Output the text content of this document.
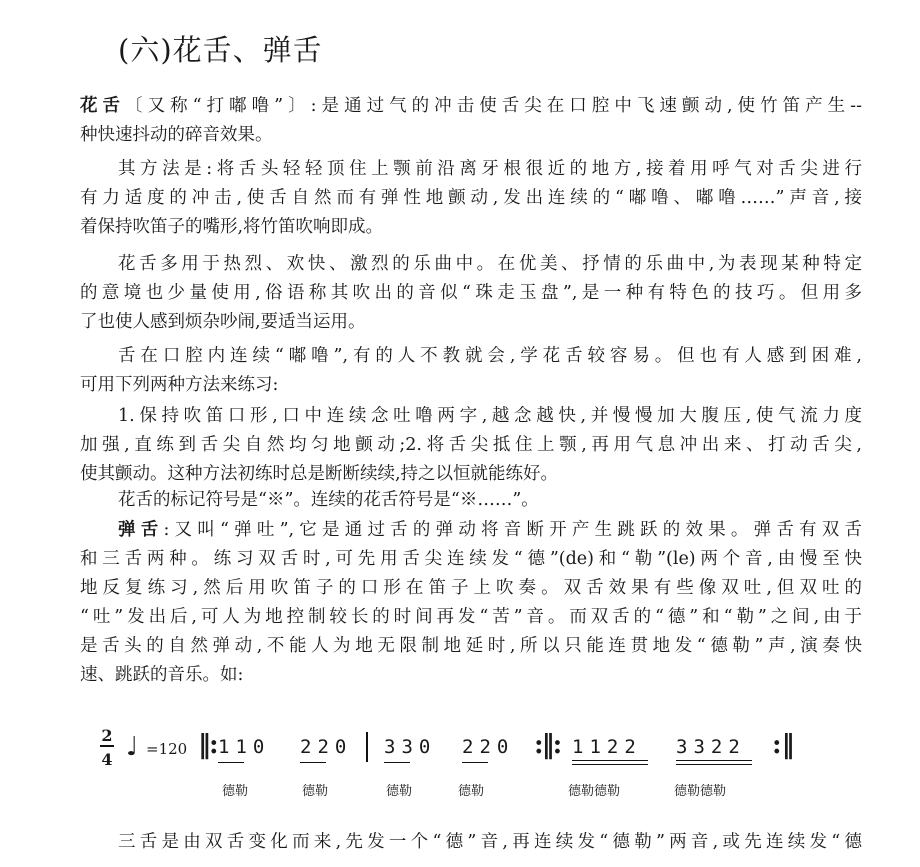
(六)花舌、弹舌
花舌〔又称“打嘟噜”〕:是通过气的冲击使舌尖在口腔中飞速颤动,使竹笛产生--
种快速抖动的碎音效果。
其方法是:将舌头轻轻顶住上颚前沿离牙根很近的地方,接着用呼气对舌尖进行
有力适度的冲击,使舌自然而有弹性地颤动,发出连续的“嘟噜、嘟噜……”声音,接
着保持吹笛子的嘴形,将竹笛吹响即成。
花舌多用于热烈、欢快、激烈的乐曲中。在优美、抒情的乐曲中,为表现某种特定
的意境也少量使用,俗语称其吹出的音似“珠走玉盘”,是一种有特色的技巧。但用多
了也使人感到烦杂吵闹,要适当运用。
舌在口腔内连续“嘟噜”,有的人不教就会,学花舌较容易。但也有人感到困难,
可用下列两种方法来练习:
1.保持吹笛口形,口中连续念吐噜两字,越念越快,并慢慢加大腹压,使气流力度
加强,直练到舌尖自然均匀地颤动;2.将舌尖抵住上颚,再用气息冲出来、打动舌尖,
使其颤动。这种方法初练时总是断断续续,持之以恒就能练好。
花舌的标记符号是“※”。连续的花舌符号是“※……”。
弹舌:又叫“弹吐”,它是通过舌的弹动将音断开产生跳跃的效果。弹舌有双舌
和三舌两种。练习双舌时,可先用舌尖连续发“德”(de)和“勒”(le)两个音,由慢至快
地反复练习,然后用吹笛子的口形在笛子上吹奏。双舌效果有些像双吐,但双吐的
“吐”发出后,可人为地控制较长的时间再发“苦”音。而双舌的“德”和“勒”之间,由于
是舌头的自然弹动,不能人为地无限制地延时,所以只能连贯地发“德勒”声,演奏快
速、跳跃的音乐。如:
2
4 ♩ =120 ‖: 110 220 330 220 :‖: 1122 3322 :‖
德勒	德勒	德勒	德勒	德勒德勒	德勒德勒
三舌是由双舌变化而来,先发一个“德”音,再连续发“德勒”两音,或先连续发“德
